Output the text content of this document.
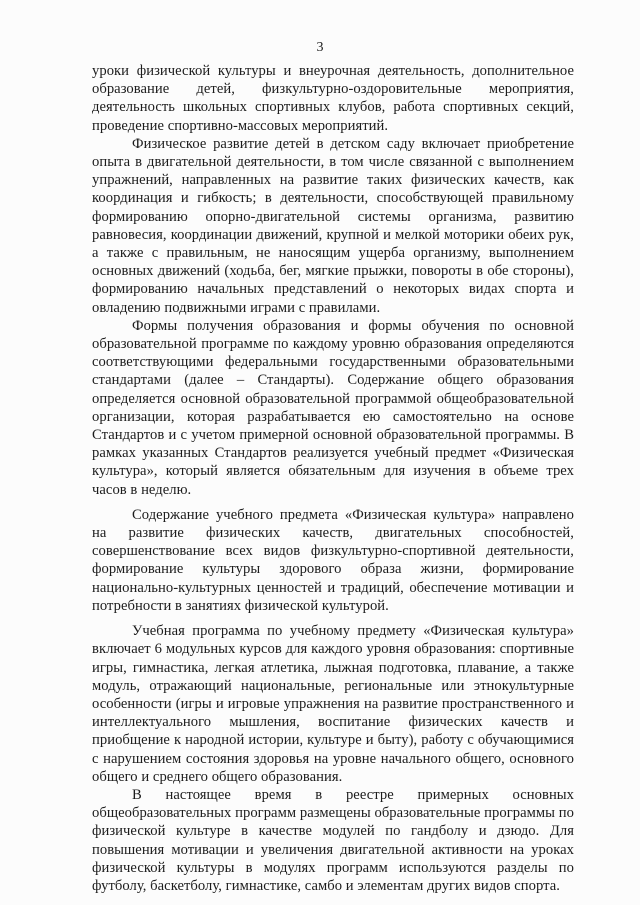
3

уроки физической культуры и внеурочная деятельность, дополнительное образование детей, физкультурно-оздоровительные мероприятия, деятельность школьных спортивных клубов, работа спортивных секций, проведение спортивно-массовых мероприятий.

Физическое развитие детей в детском саду включает приобретение опыта в двигательной деятельности, в том числе связанной с выполнением упражнений, направленных на развитие таких физических качеств, как координация и гибкость; в деятельности, способствующей правильному формированию опорно-двигательной системы организма, развитию равновесия, координации движений, крупной и мелкой моторики обеих рук, а также с правильным, не наносящим ущерба организму, выполнением основных движений (ходьба, бег, мягкие прыжки, повороты в обе стороны), формированию начальных представлений о некоторых видах спорта и овладению подвижными играми с правилами.

Формы получения образования и формы обучения по основной образовательной программе по каждому уровню образования определяются соответствующими федеральными государственными образовательными стандартами (далее – Стандарты). Содержание общего образования определяется основной образовательной программой общеобразовательной организации, которая разрабатывается ею самостоятельно на основе Стандартов и с учетом примерной основной образовательной программы. В рамках указанных Стандартов реализуется учебный предмет «Физическая культура», который является обязательным для изучения в объеме трех часов в неделю.

Содержание учебного предмета «Физическая культура» направлено на развитие физических качеств, двигательных способностей, совершенствование всех видов физкультурно-спортивной деятельности, формирование культуры здорового образа жизни, формирование национально-культурных ценностей и традиций, обеспечение мотивации и потребности в занятиях физической культурой.

Учебная программа по учебному предмету «Физическая культура» включает 6 модульных курсов для каждого уровня образования: спортивные игры, гимнастика, легкая атлетика, лыжная подготовка, плавание, а также модуль, отражающий национальные, региональные или этнокультурные особенности (игры и игровые упражнения на развитие пространственного и интеллектуального мышления, воспитание физических качеств и приобщение к народной истории, культуре и быту), работу с обучающимися с нарушением состояния здоровья на уровне начального общего, основного общего и среднего общего образования.

В настоящее время в реестре примерных основных общеобразовательных программ размещены образовательные программы по физической культуре в качестве модулей по гандболу и дзюдо. Для повышения мотивации и увеличения двигательной активности на уроках физической культуры в модулях программ используются разделы по футболу, баскетболу, гимнастике, самбо и элементам других видов спорта.
